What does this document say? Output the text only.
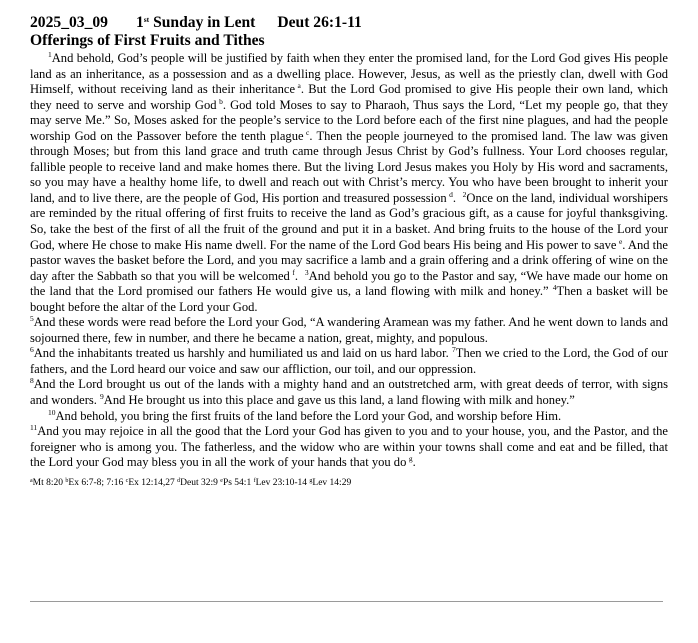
2025_03_09 1st Sunday in Lent Deut 26:1-11
Offerings of First Fruits and Tithes

$^1$And behold, God’s people will be justified by faith when they enter the promised land, for the Lord God gives His people land as an inheritance, as a possession and as a dwelling place. However, Jesus, as well as the priestly clan, dwell with God Himself, without receiving land as their inheritance  $^a$. But the Lord God promised to give His people their own land, which they need to serve and worship God  $^b$. God told Moses to say to Pharaoh, Thus says the Lord, “Let my people go, that they may serve Me.” So, Moses asked for the people’s service to the Lord before each of the first nine plagues, and had the people worship God on the Passover before the tenth plague  $^c$. Then the people journeyed to the promised land. The law was given through Moses; but from this land grace and truth came through Jesus Christ by God’s fullness. Your Lord chooses regular, fallible people to receive land and make homes there. But the living Lord Jesus makes you Holy by His word and sacraments, so you may have a healthy home life, to dwell and reach out with Christ’s mercy. You who have been brought to inherit your land, and to live there, are the people of God, His portion and treasured possession  $^d$.  $^2$Once on the land, individual worshipers are reminded by the ritual offering of first fruits to receive the land as God’s gracious gift, as a cause for joyful thanksgiving. So, take the best of the first of all the fruit of the ground and put it in a basket. And bring fruits to the house of the Lord your God, where He chose to make His name dwell. For the name of the Lord God bears His being and His power to save  $^e$. And the pastor waves the basket before the Lord, and you may sacrifice a lamb and a grain offering and a drink offering of wine on the day after the Sabbath so that you will be welcomed  $^f$.  $^3$And behold you go to the Pastor and say, “We have made our home on the land that the Lord promised our fathers He would give us, a land flowing with milk and honey.” $^4$Then a basket will be bought before the altar of the Lord your God.
$^5$And these words were read before the Lord your God, “A wandering Aramean was my father. And he went down to lands and sojourned there, few in number, and there he became a nation, great, mighty, and populous.
$^6$And the inhabitants treated us harshly and humiliated us and laid on us hard labor. $^7$Then we cried to the Lord, the God of our fathers, and the Lord heard our voice and saw our affliction, our toil, and our oppression.
$^8$And the Lord brought us out of the lands with a mighty hand and an outstretched arm, with great deeds of terror, with signs and wonders. $^9$And He brought us into this place and gave us this land, a land flowing with milk and honey.”

$^{10}$And behold, you bring the first fruits of the land before the Lord your God, and worship before Him.
$^{11}$And you may rejoice in all the good that the Lord your God has given to you and to your house, you, and the Pastor, and the foreigner who is among you. The fatherless, and the widow who are within your towns shall come and eat and be filled, that the Lord your God may bless you in all the work of your hands that you do  $^g$.

$^a$Mt 8:20 $^b$Ex 6:7-8; 7:16 $^c$Ex 12:14,27 $^d$Deut 32:9 $^e$Ps 54:1 $^f$Lev 23:10-14 $^g$Lev 14:29
